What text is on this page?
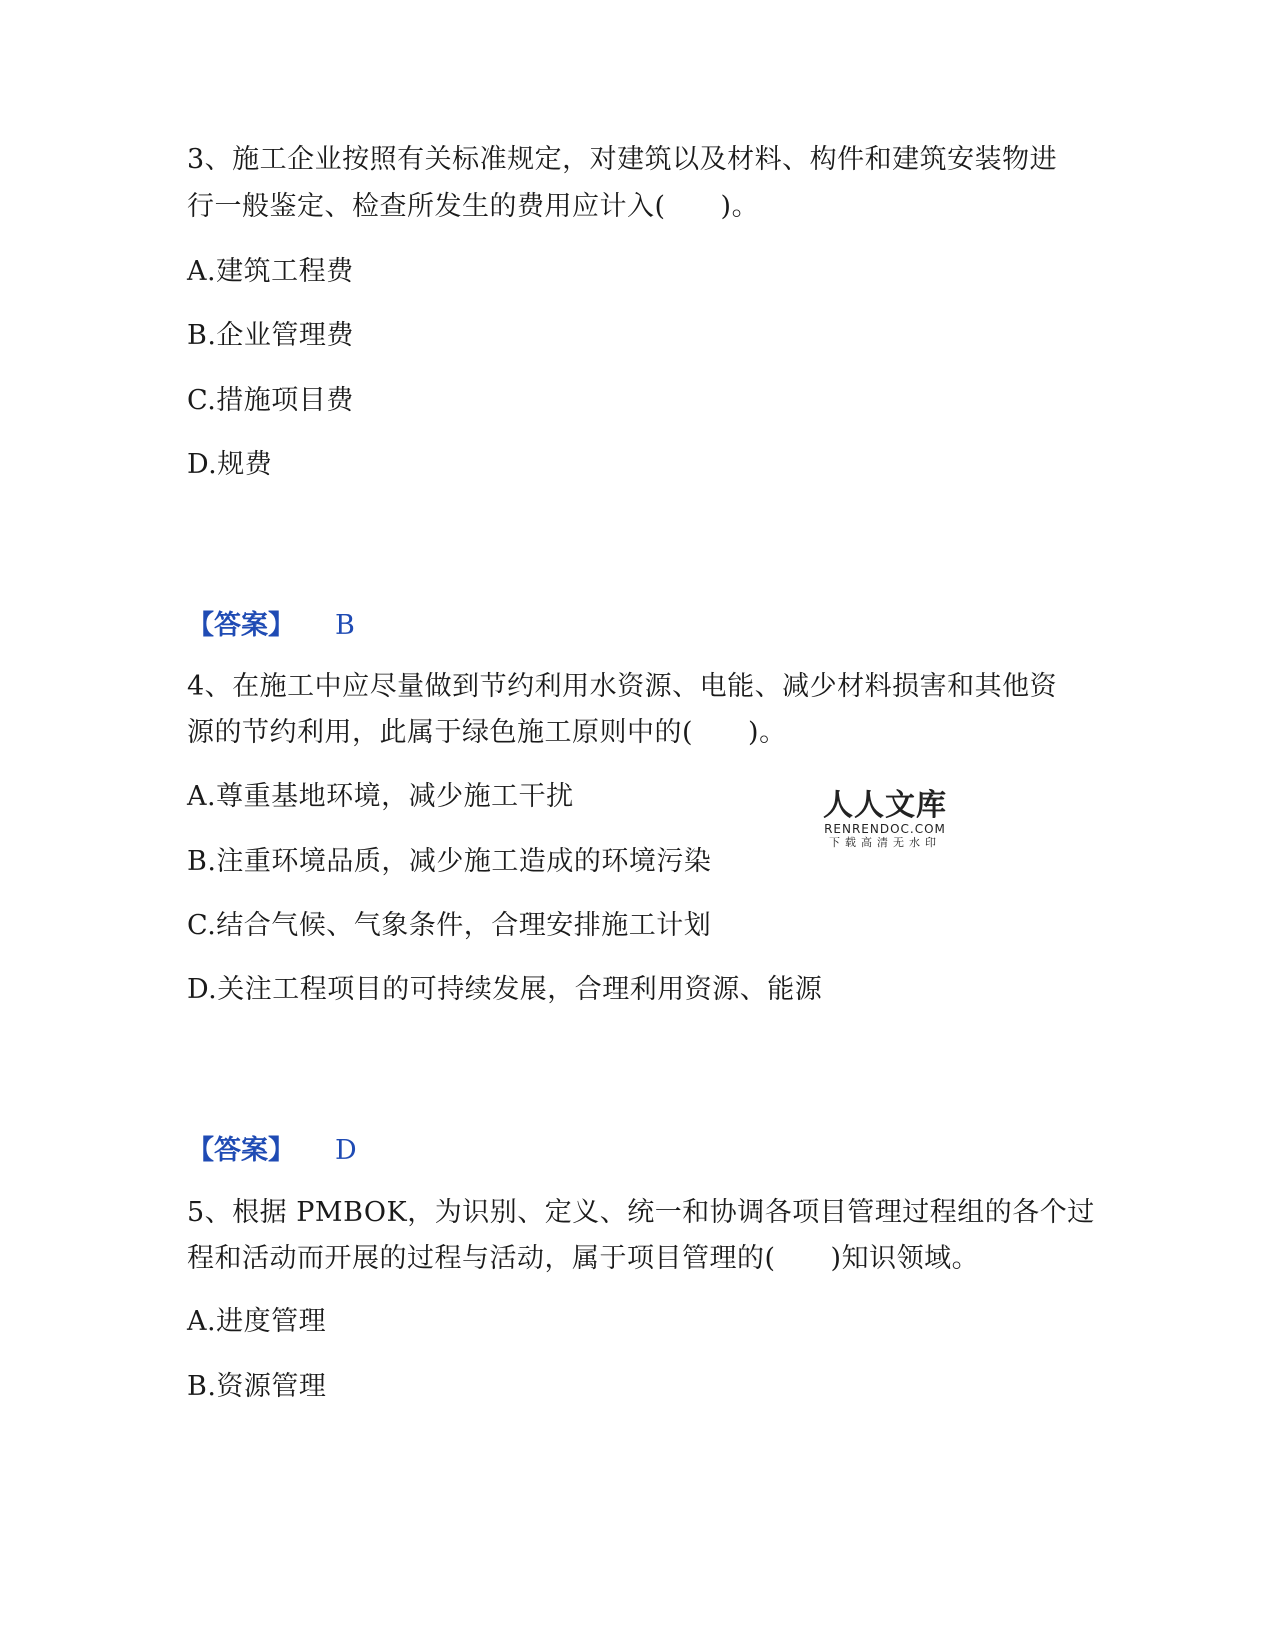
3、施工企业按照有关标准规定，对建筑以及材料、构件和建筑安装物进
行一般鉴定、检查所发生的费用应计入(　　)。
A.建筑工程费
B.企业管理费
C.措施项目费
D.规费
【答案】 B
4、在施工中应尽量做到节约利用水资源、电能、减少材料损害和其他资
源的节约利用，此属于绿色施工原则中的(　　)。
A.尊重基地环境，减少施工干扰
B.注重环境品质，减少施工造成的环境污染
C.结合气候、气象条件，合理安排施工计划
D.关注工程项目的可持续发展，合理利用资源、能源
【答案】 D
5、根据 PMBOK，为识别、定义、统一和协调各项目管理过程组的各个过
程和活动而开展的过程与活动，属于项目管理的(　　)知识领域。
A.进度管理
B.资源管理
人人文库
RENRENDOC.COM
下载高清无水印
